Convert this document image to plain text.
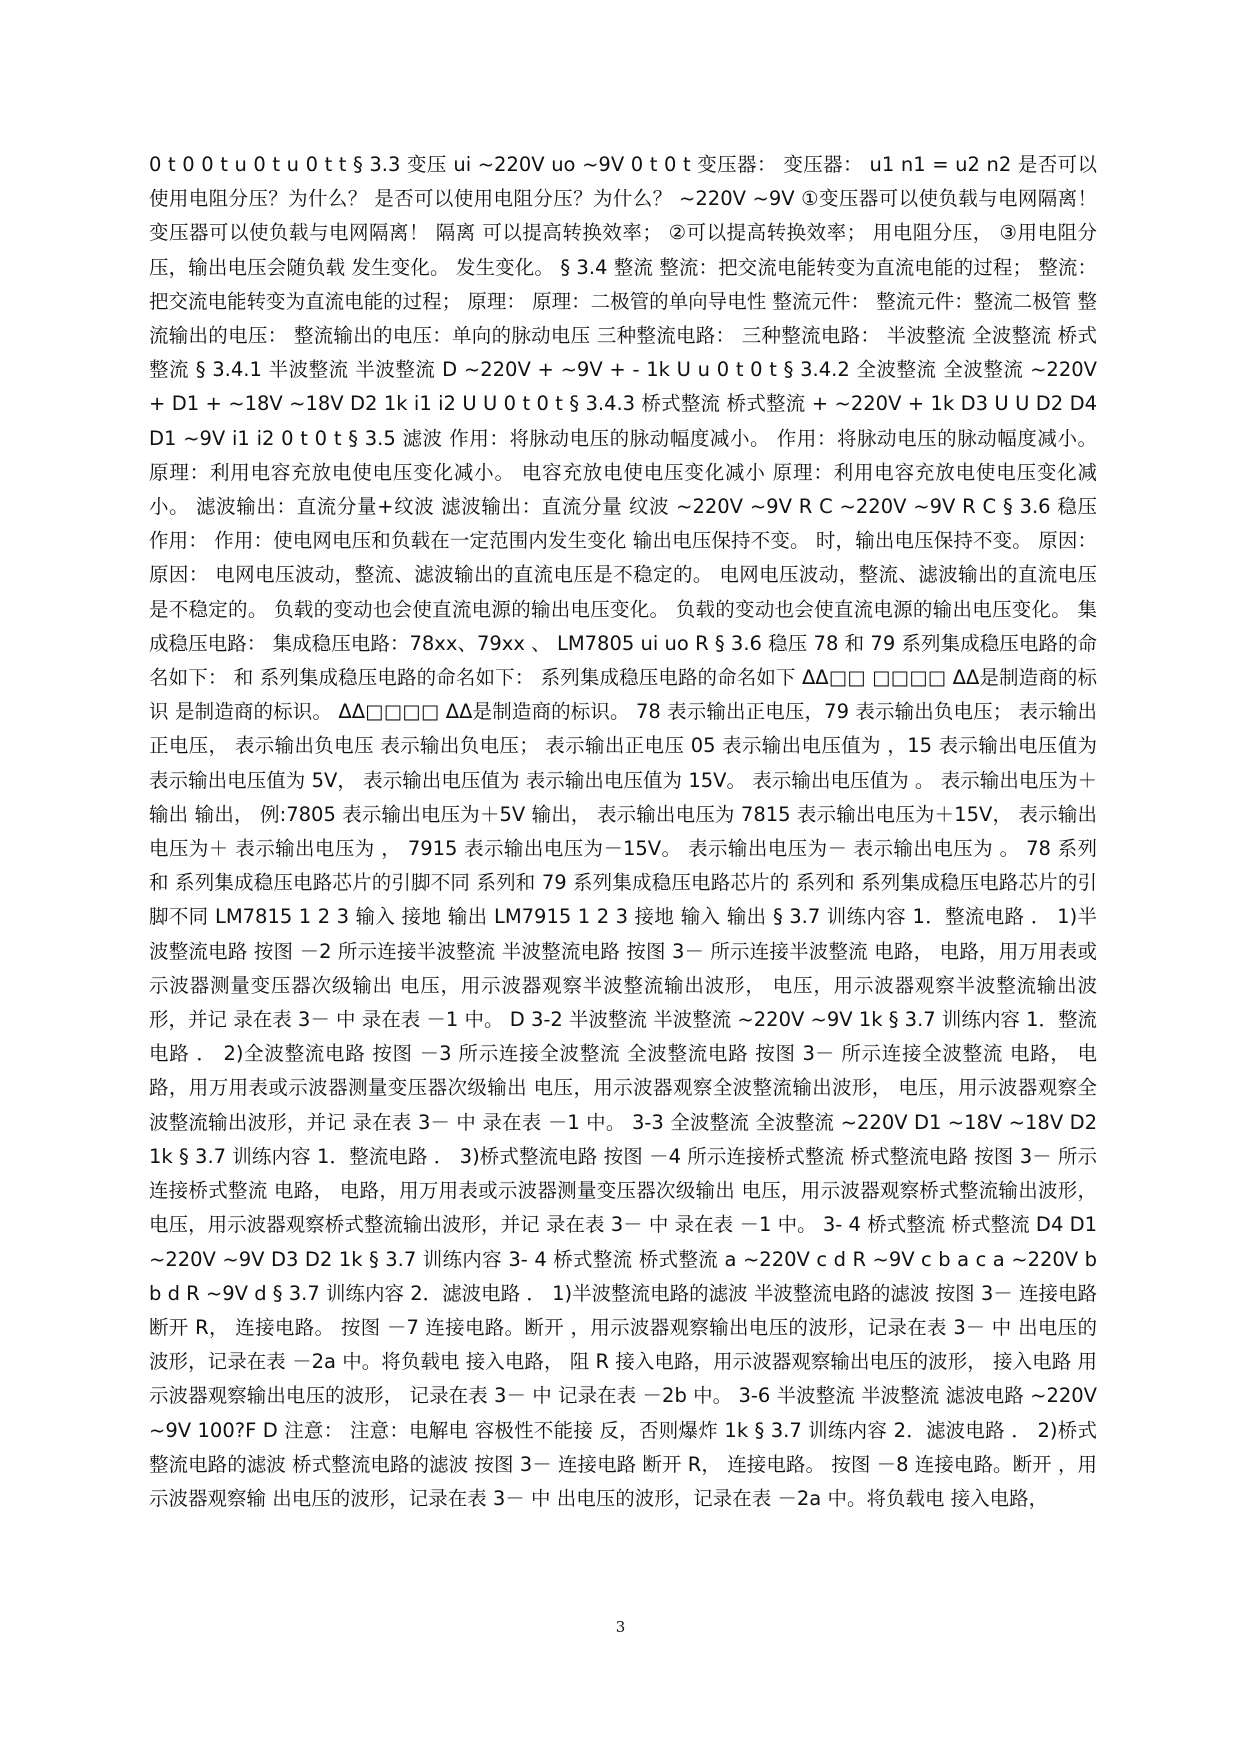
0 t 0 0 t u 0 t u 0 t t § 3.3 变压 ui ~220V uo ~9V 0 t 0 t 变压器： 变压器： u1 n1 = u2 n2 是否可以使用电阻分压？为什么？ 是否可以使用电阻分压？为什么？ ~220V ~9V ①变压器可以使负载与电网隔离！ 变压器可以使负载与电网隔离！ 隔离 可以提高转换效率； ②可以提高转换效率； 用电阻分压， ③用电阻分压，输出电压会随负载 发生变化。 发生变化。 § 3.4 整流 整流：把交流电能转变为直流电能的过程； 整流：把交流电能转变为直流电能的过程； 原理： 原理：二极管的单向导电性 整流元件： 整流元件：整流二极管 整流输出的电压： 整流输出的电压：单向的脉动电压 三种整流电路： 三种整流电路： 半波整流 全波整流 桥式整流 § 3.4.1 半波整流 半波整流 D ~220V + ~9V + - 1k U u 0 t 0 t § 3.4.2 全波整流 全波整流 ~220V + D1 + ~18V ~18V D2 1k i1 i2 U U 0 t 0 t § 3.4.3 桥式整流 桥式整流 + ~220V + 1k D3 U U D2 D4 D1 ~9V i1 i2 0 t 0 t § 3.5 滤波 作用：将脉动电压的脉动幅度减小。 作用：将脉动电压的脉动幅度减小。 原理：利用电容充放电使电压变化减小。 电容充放电使电压变化减小 原理：利用电容充放电使电压变化减小。 滤波输出：直流分量+纹波 滤波输出：直流分量 纹波 ~220V ~9V R C ~220V ~9V R C § 3.6 稳压 作用： 作用：使电网电压和负载在一定范围内发生变化 输出电压保持不变。 时，输出电压保持不变。 原因： 原因： 电网电压波动，整流、滤波输出的直流电压是不稳定的。 电网电压波动，整流、滤波输出的直流电压是不稳定的。 负载的变动也会使直流电源的输出电压变化。 负载的变动也会使直流电源的输出电压变化。 集成稳压电路： 集成稳压电路：78xx、79xx 、 LM7805 ui uo R § 3.6 稳压 78 和 79 系列集成稳压电路的命名如下： 和 系列集成稳压电路的命名如下： 系列集成稳压电路的命名如下 ΔΔ□□ □□□□ ΔΔ是制造商的标识 是制造商的标识。 ΔΔ□□□□ ΔΔ是制造商的标识。 78 表示输出正电压，79 表示输出负电压； 表示输出正电压， 表示输出负电压 表示输出负电压； 表示输出正电压 05 表示输出电压值为 ，15 表示输出电压值为 表示输出电压值为 5V， 表示输出电压值为 表示输出电压值为 15V。 表示输出电压值为 。 表示输出电压为＋ 输出 输出， 例:7805 表示输出电压为＋5V 输出， 表示输出电压为 7815 表示输出电压为＋15V， 表示输出电压为＋ 表示输出电压为 ， 7915 表示输出电压为－15V。 表示输出电压为－ 表示输出电压为 。 78 系列和 系列集成稳压电路芯片的引脚不同 系列和 79 系列集成稳压电路芯片的 系列和 系列集成稳压电路芯片的引脚不同 LM7815 1 2 3 输入 接地 输出 LM7915 1 2 3 接地 输入 输出 § 3.7 训练内容 1．整流电路 ． 1)半波整流电路 按图 －2 所示连接半波整流 半波整流电路 按图 3－ 所示连接半波整流 电路， 电路，用万用表或示波器测量变压器次级输出 电压，用示波器观察半波整流输出波形， 电压，用示波器观察半波整流输出波形，并记 录在表 3－ 中 录在表 －1 中。 D 3-2 半波整流 半波整流 ~220V ~9V 1k § 3.7 训练内容 1．整流电路 ． 2)全波整流电路 按图 －3 所示连接全波整流 全波整流电路 按图 3－ 所示连接全波整流 电路， 电路，用万用表或示波器测量变压器次级输出 电压，用示波器观察全波整流输出波形， 电压，用示波器观察全波整流输出波形，并记 录在表 3－ 中 录在表 －1 中。 3-3 全波整流 全波整流 ~220V D1 ~18V ~18V D2 1k § 3.7 训练内容 1．整流电路 ． 3)桥式整流电路 按图 －4 所示连接桥式整流 桥式整流电路 按图 3－ 所示连接桥式整流 电路， 电路，用万用表或示波器测量变压器次级输出 电压，用示波器观察桥式整流输出波形， 电压，用示波器观察桥式整流输出波形，并记 录在表 3－ 中 录在表 －1 中。 3- 4 桥式整流 桥式整流 D4 D1 ~220V ~9V D3 D2 1k § 3.7 训练内容 3- 4 桥式整流 桥式整流 a ~220V c d R ~9V c b a c a ~220V b b d R ~9V d § 3.7 训练内容 2．滤波电路 ． 1)半波整流电路的滤波 半波整流电路的滤波 按图 3－ 连接电路 断开 R， 连接电路。 按图 －7 连接电路。断开 ，用示波器观察输出电压的波形，记录在表 3－ 中 出电压的波形，记录在表 －2a 中。将负载电 接入电路， 阻 R 接入电路，用示波器观察输出电压的波形， 接入电路 用示波器观察输出电压的波形， 记录在表 3－ 中 记录在表 －2b 中。 3-6 半波整流 半波整流 滤波电路 ~220V ~9V 100?F D 注意： 注意：电解电 容极性不能接 反，否则爆炸 1k § 3.7 训练内容 2．滤波电路 ． 2)桥式整流电路的滤波 桥式整流电路的滤波 按图 3－ 连接电路 断开 R， 连接电路。 按图 －8 连接电路。断开 ，用示波器观察输 出电压的波形，记录在表 3－ 中 出电压的波形，记录在表 －2a 中。将负载电 接入电路，

3
